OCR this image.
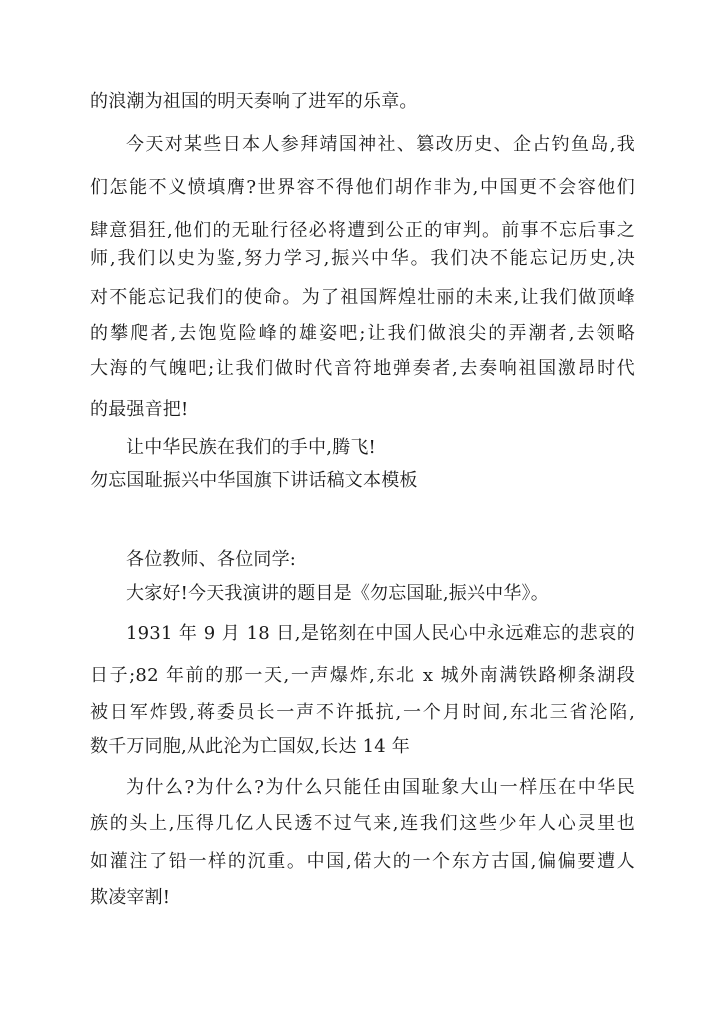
的浪潮为祖国的明天奏响了进军的乐章。
今天对某些日本人参拜靖国神社、篡改历史、企占钓鱼岛,我
们怎能不义愤填膺?世界容不得他们胡作非为,中国更不会容他们
肆意猖狂,他们的无耻行径必将遭到公正的审判。前事不忘后事之
师,我们以史为鉴,努力学习,振兴中华。我们决不能忘记历史,决
对不能忘记我们的使命。为了祖国辉煌壮丽的未来,让我们做顶峰
的攀爬者,去饱览险峰的雄姿吧;让我们做浪尖的弄潮者,去领略
大海的气魄吧;让我们做时代音符地弹奏者,去奏响祖国激昂时代
的最强音把!
让中华民族在我们的手中,腾飞!
勿忘国耻振兴中华国旗下讲话稿文本模板
各位教师、各位同学:
大家好!今天我演讲的题目是《勿忘国耻,振兴中华》。
1931 年 9 月 18 日,是铭刻在中国人民心中永远难忘的悲哀的
日子;82 年前的那一天,一声爆炸,东北 x 城外南满铁路柳条湖段
被日军炸毁,蒋委员长一声不许抵抗,一个月时间,东北三省沦陷,
数千万同胞,从此沦为亡国奴,长达 14 年
为什么?为什么?为什么只能任由国耻象大山一样压在中华民
族的头上,压得几亿人民透不过气来,连我们这些少年人心灵里也
如灌注了铅一样的沉重。中国,偌大的一个东方古国,偏偏要遭人
欺凌宰割!
